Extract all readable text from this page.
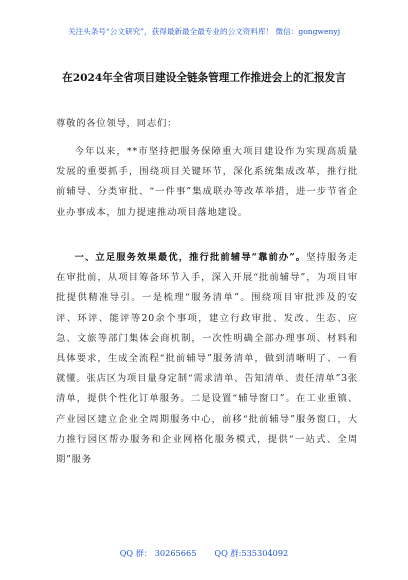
关注头条号“公文研究”，获得最新最全最专业的公文资料库！ 微信：gongwenyj
在2024年全省项目建设全链条管理工作推进会上的汇报发言
尊敬的各位领导，同志们：
今年以来，**市坚持把服务保障重大项目建设作为实现高质量发展的重要抓手，围绕项目关键环节，深化系统集成改革，推行批前辅导、分类审批、“一件事”集成联办等改革举措，进一步节省企业办事成本，加力提速推动项目落地建设。
一、立足服务效果最优，推行批前辅导“靠前办”。坚持服务走在审批前，从项目筹备环节入手，深入开展“批前辅导”，为项目审批提供精准导引。一是梳理“服务清单”。围绕项目审批涉及的安评、环评、能评等20余个事项，建立行政审批、发改、生态、应急、文旅等部门集体会商机制，一次性明确全部办理事项、材料和具体要求，生成全流程“批前辅导”服务清单，做到清晰明了、一看就懂。张店区为项目量身定制“需求清单、告知清单、责任清单”3张清单，提供个性化订单服务。二是设置“辅导窗口”。在工业重镇、产业园区建立企业全周期服务中心，前移“批前辅导”服务窗口，大力推行园区帮办服务和企业网格化服务模式，提供“一站式、全周期”服务
QQ 群： 30265665 QQ 群:535304092
